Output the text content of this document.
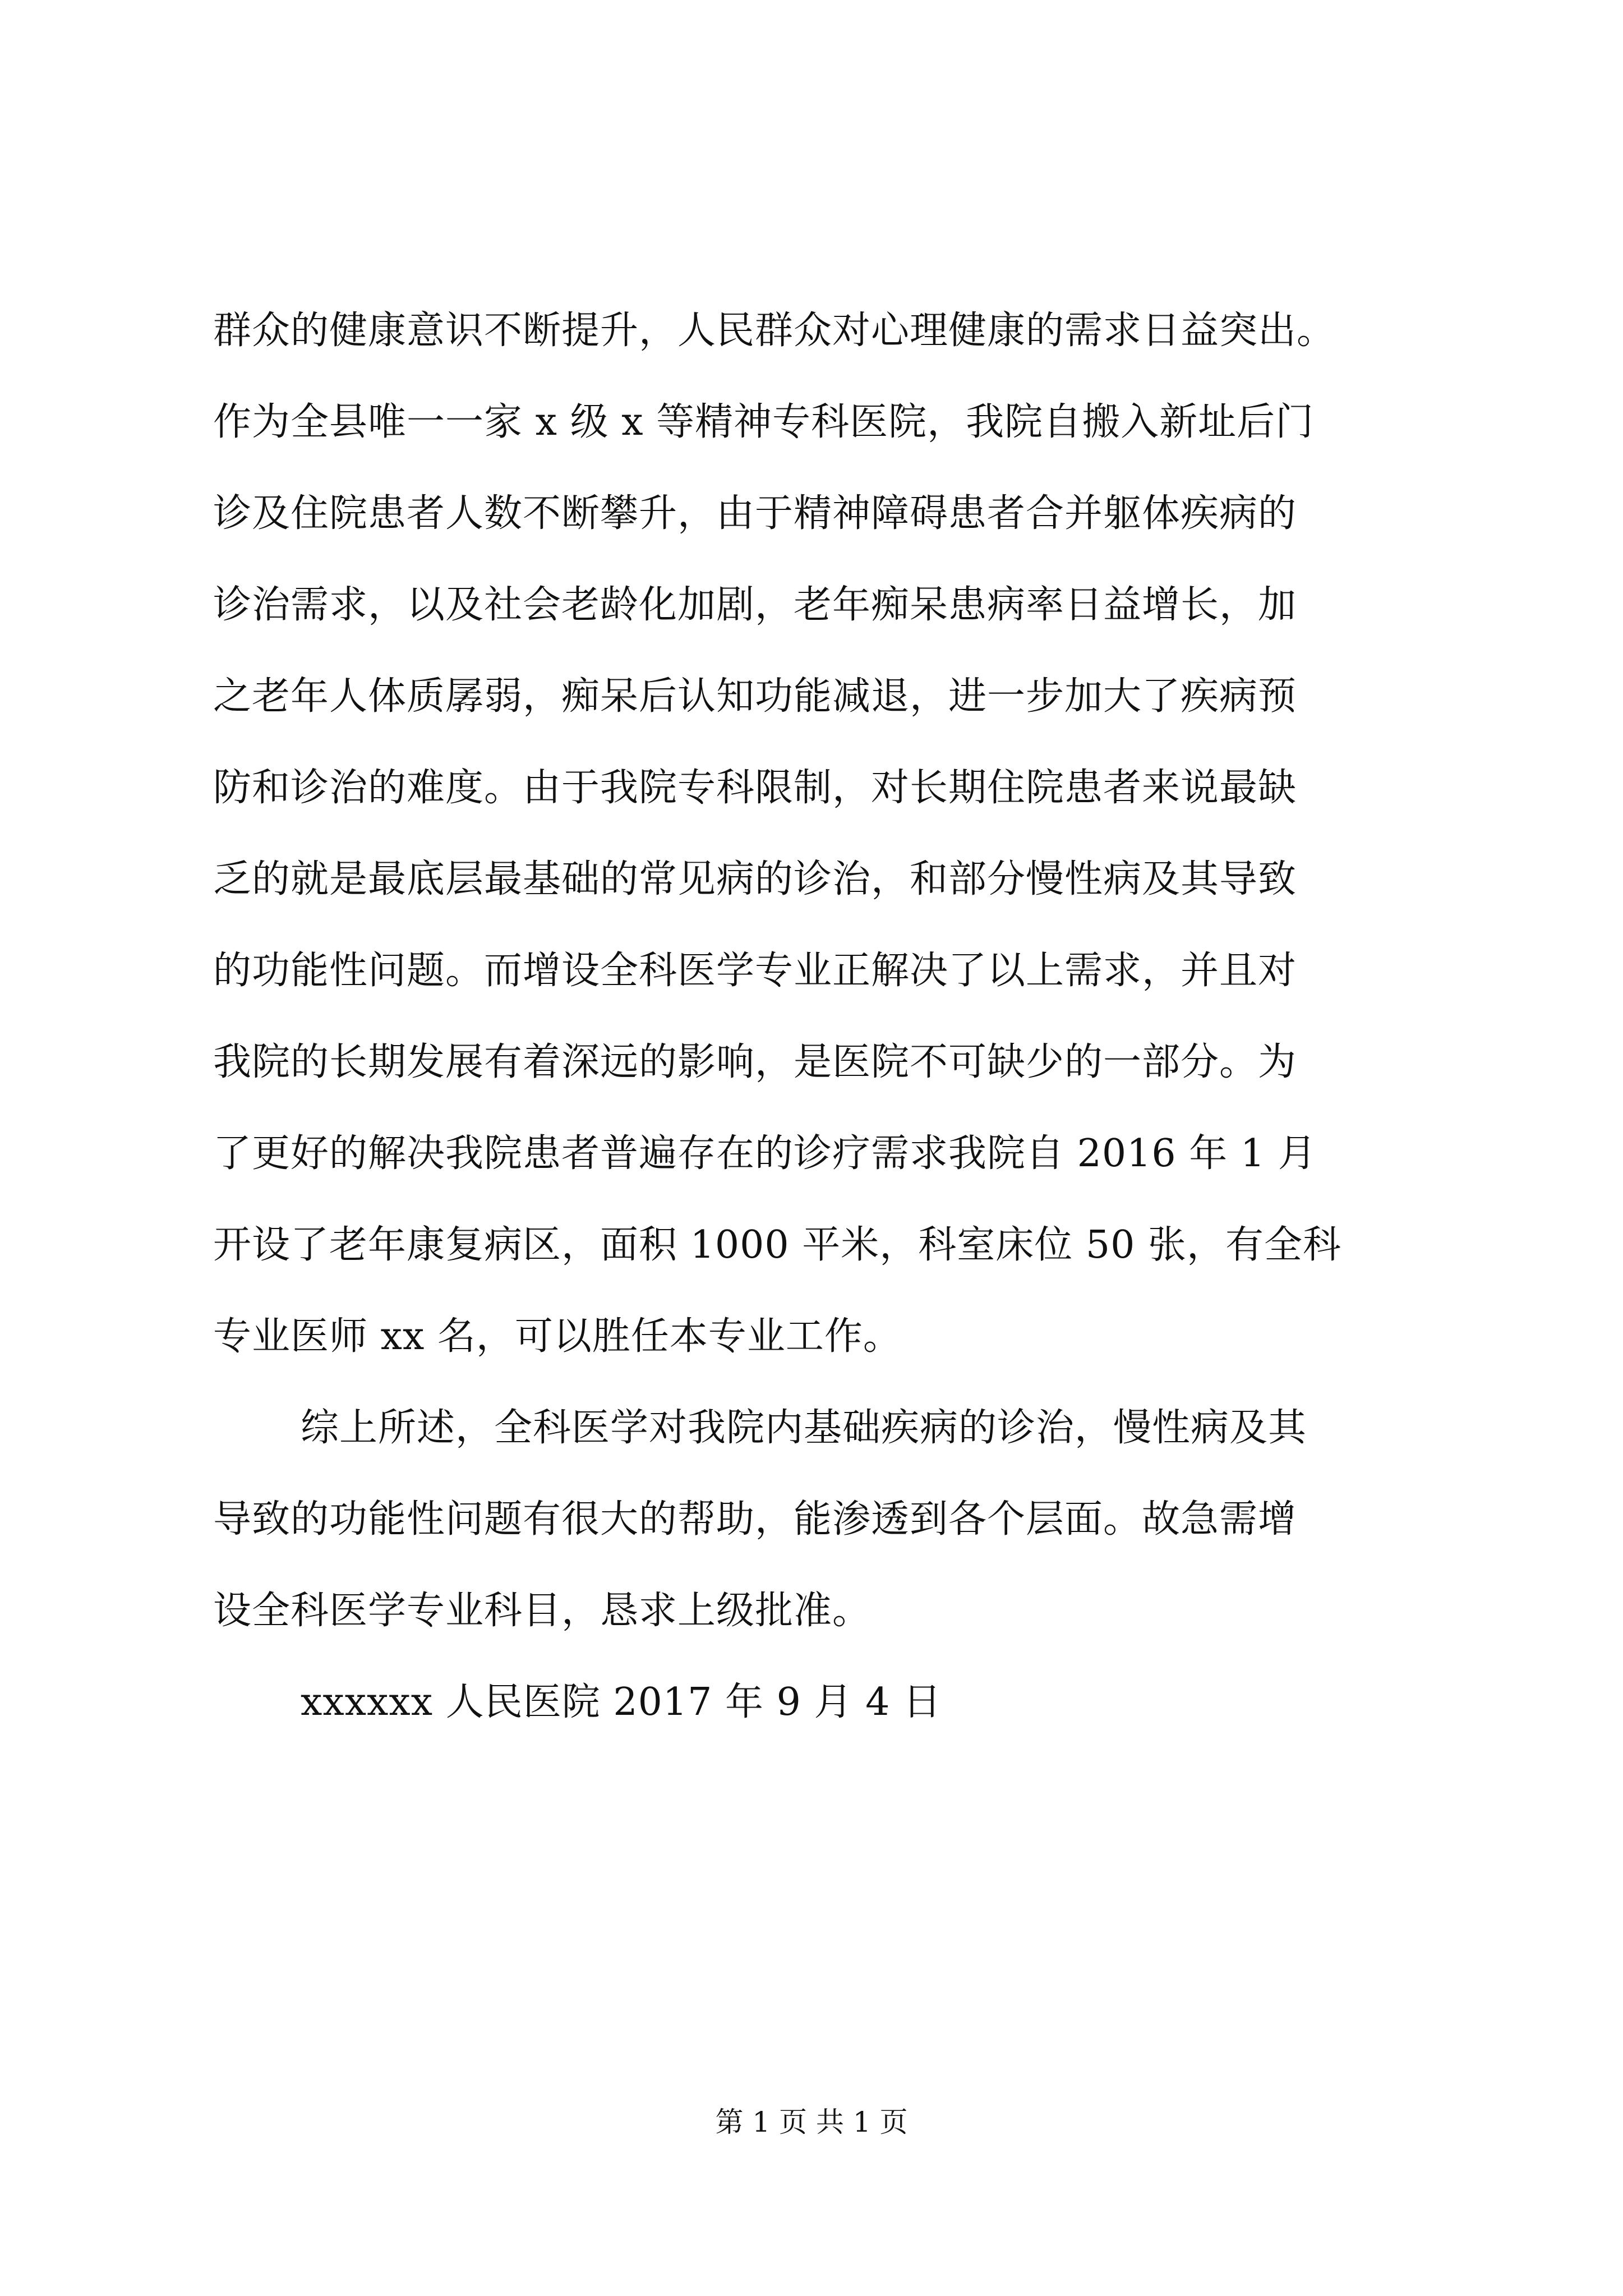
群众的健康意识不断提升，人民群众对心理健康的需求日益突出。
作为全县唯一一家 x 级 x 等精神专科医院，我院自搬入新址后门
诊及住院患者人数不断攀升，由于精神障碍患者合并躯体疾病的
诊治需求，以及社会老龄化加剧，老年痴呆患病率日益增长，加
之老年人体质孱弱，痴呆后认知功能减退，进一步加大了疾病预
防和诊治的难度。由于我院专科限制，对长期住院患者来说最缺
乏的就是最底层最基础的常见病的诊治，和部分慢性病及其导致
的功能性问题。而增设全科医学专业正解决了以上需求，并且对
我院的长期发展有着深远的影响，是医院不可缺少的一部分。为
了更好的解决我院患者普遍存在的诊疗需求我院自 2016 年 1 月
开设了老年康复病区，面积 1000 平米，科室床位 50 张，有全科
专业医师 xx 名，可以胜任本专业工作。
综上所述，全科医学对我院内基础疾病的诊治，慢性病及其
导致的功能性问题有很大的帮助，能渗透到各个层面。故急需增
设全科医学专业科目，恳求上级批准。
xxxxxx 人民医院 2017 年 9 月 4 日
第 1 页 共 1 页
